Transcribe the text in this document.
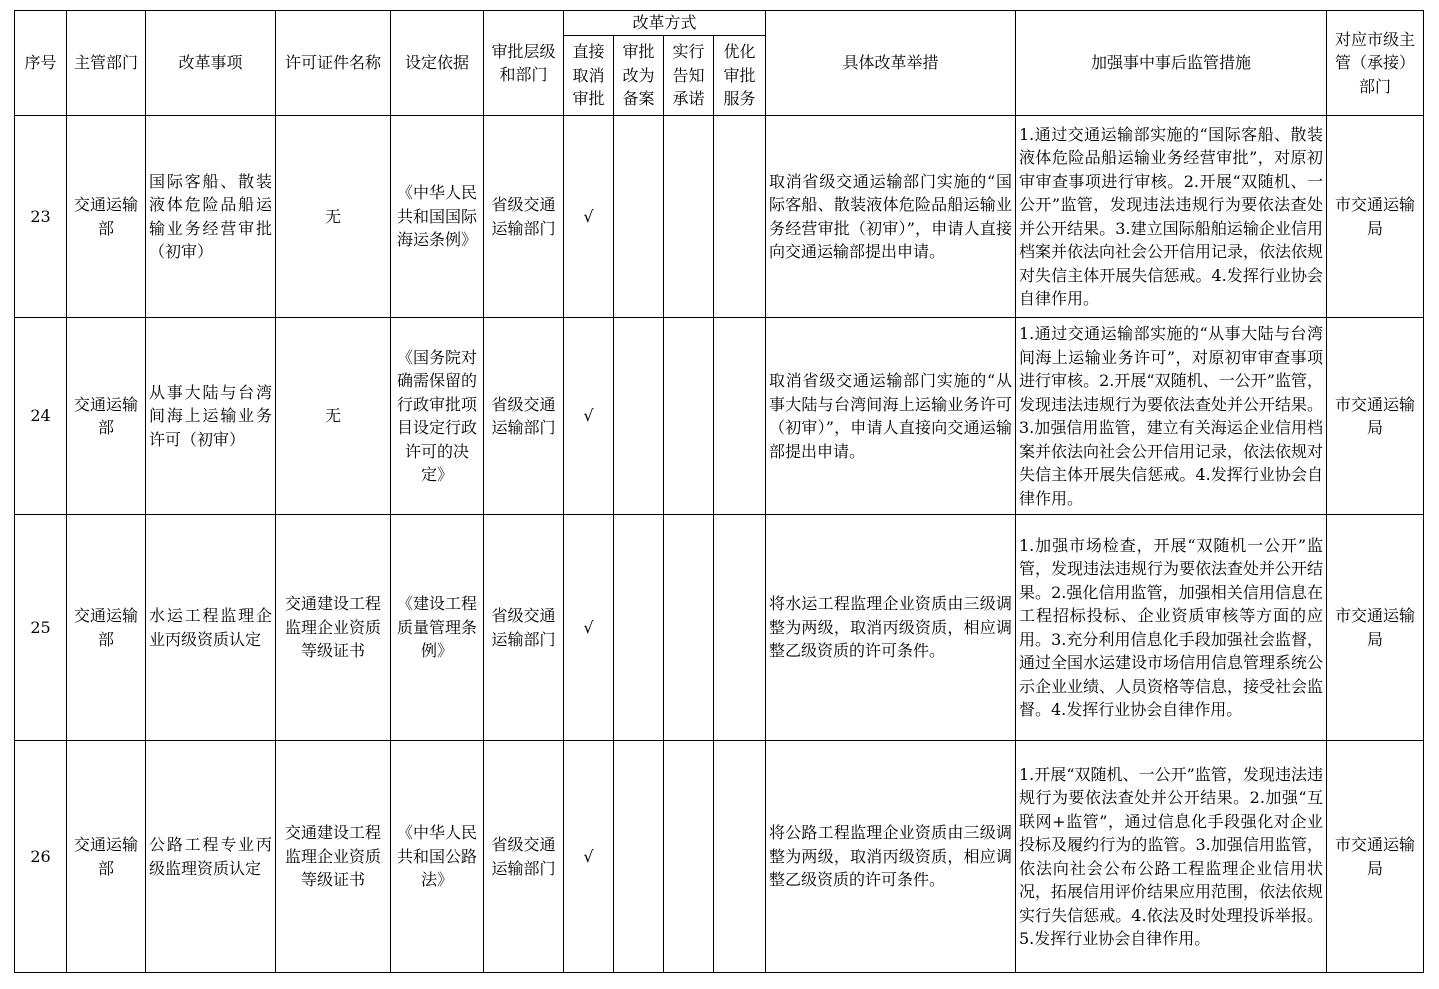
序号	主管部门	改革事项	许可证件名称	设定依据	审批层级和部门	改革方式				具体改革举措	加强事中事后监管措施	对应市级主管（承接）部门
						直接取消审批	审批改为备案	实行告知承诺	优化审批服务			
23	交通运输部	国际客船、散装液体危险品船运输业务经营审批（初审）	无	《中华人民共和国国际海运条例》	省级交通运输部门	√				取消省级交通运输部门实施的“国际客船、散装液体危险品船运输业务经营审批（初审）”，申请人直接向交通运输部提出申请。	1.通过交通运输部实施的“国际客船、散装液体危险品船运输业务经营审批”，对原初审审查事项进行审核。2.开展“双随机、一公开”监管，发现违法违规行为要依法查处并公开结果。3.建立国际船舶运输企业信用档案并依法向社会公开信用记录，依法依规对失信主体开展失信惩戒。4.发挥行业协会自律作用。	市交通运输局
24	交通运输部	从事大陆与台湾间海上运输业务许可（初审）	无	《国务院对确需保留的行政审批项目设定行政许可的决定》	省级交通运输部门	√				取消省级交通运输部门实施的“从事大陆与台湾间海上运输业务许可（初审）”，申请人直接向交通运输部提出申请。	1.通过交通运输部实施的“从事大陆与台湾间海上运输业务许可”，对原初审审查事项进行审核。2.开展“双随机、一公开”监管，发现违法违规行为要依法查处并公开结果。3.加强信用监管，建立有关海运企业信用档案并依法向社会公开信用记录，依法依规对失信主体开展失信惩戒。4.发挥行业协会自律作用。	市交通运输局
25	交通运输部	水运工程监理企业丙级资质认定	交通建设工程监理企业资质等级证书	《建设工程质量管理条例》	省级交通运输部门	√				将水运工程监理企业资质由三级调整为两级，取消丙级资质，相应调整乙级资质的许可条件。	1.加强市场检查，开展“双随机一公开”监管，发现违法违规行为要依法查处并公开结果。2.强化信用监管，加强相关信用信息在工程招标投标、企业资质审核等方面的应用。3.充分利用信息化手段加强社会监督，通过全国水运建设市场信用信息管理系统公示企业业绩、人员资格等信息，接受社会监督。4.发挥行业协会自律作用。	市交通运输局
26	交通运输部	公路工程专业丙级监理资质认定	交通建设工程监理企业资质等级证书	《中华人民共和国公路法》	省级交通运输部门	√				将公路工程监理企业资质由三级调整为两级，取消丙级资质，相应调整乙级资质的许可条件。	1.开展“双随机、一公开”监管，发现违法违规行为要依法查处并公开结果。2.加强“互联网+监管”，通过信息化手段强化对企业投标及履约行为的监管。3.加强信用监管，依法向社会公布公路工程监理企业信用状况，拓展信用评价结果应用范围，依法依规实行失信惩戒。4.依法及时处理投诉举报。5.发挥行业协会自律作用。	市交通运输局
